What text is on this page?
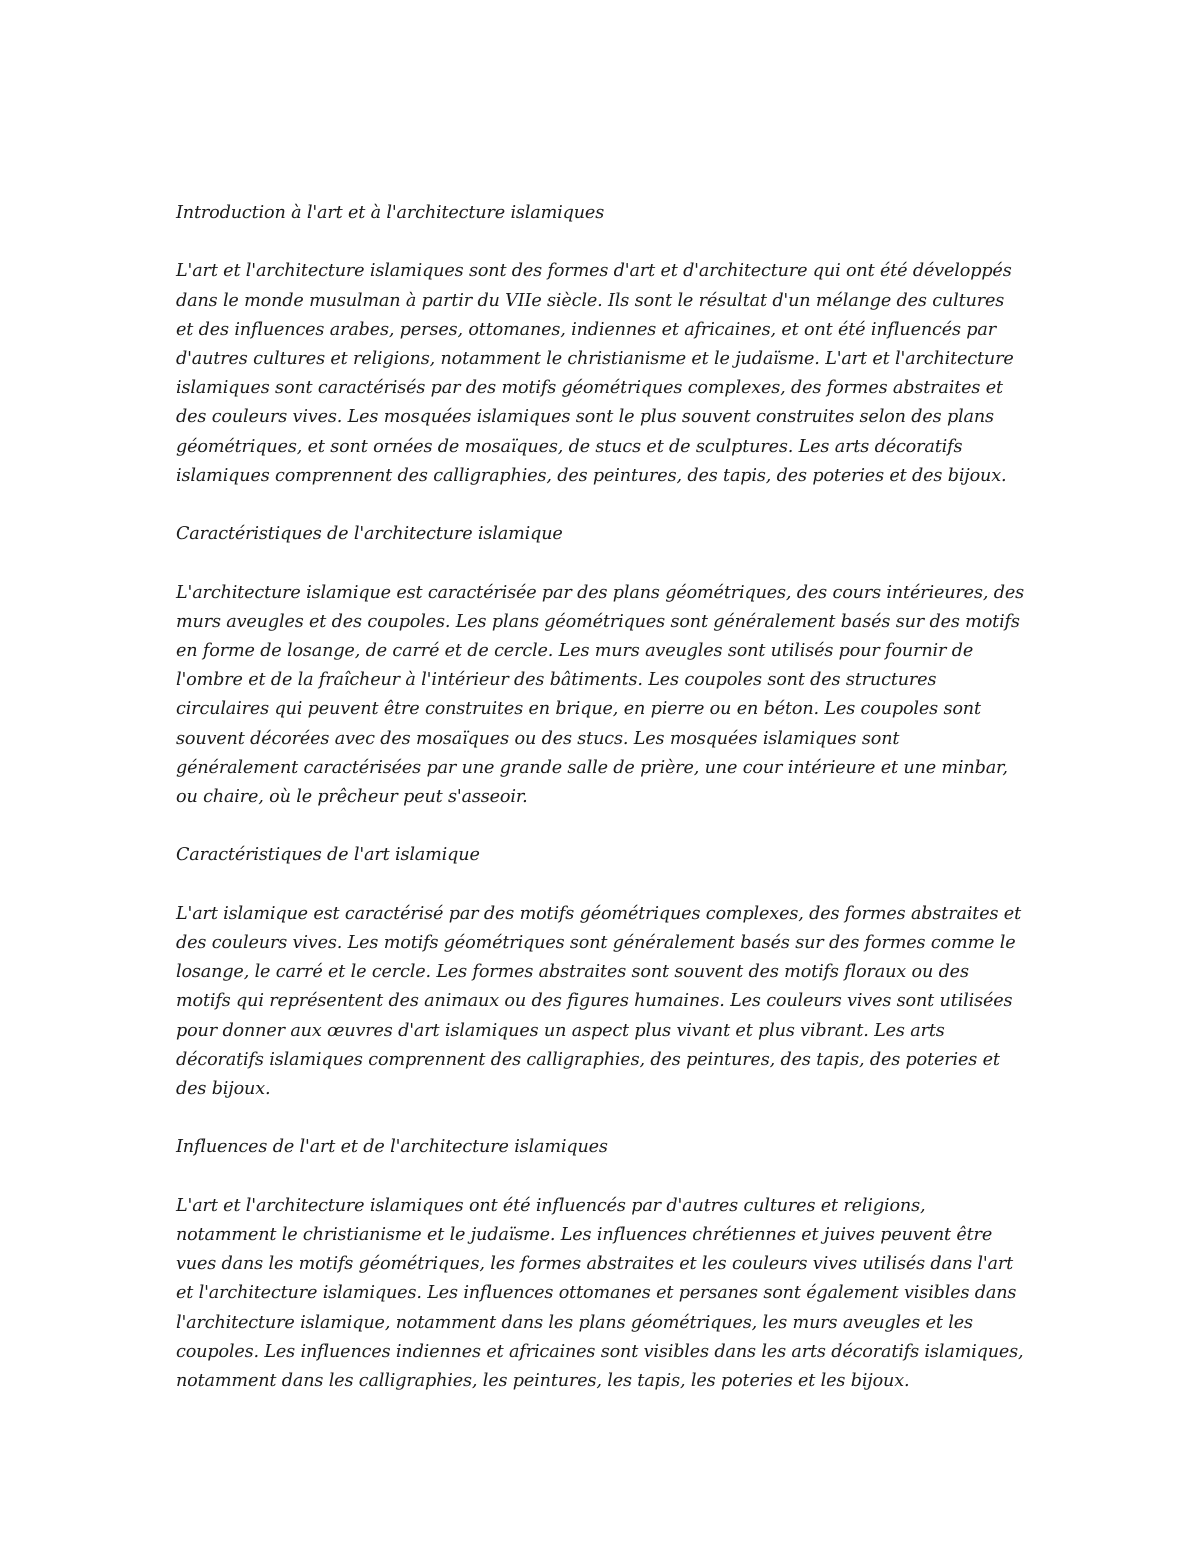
Introduction à l'art et à l'architecture islamiques

L'art et l'architecture islamiques sont des formes d'art et d'architecture qui ont été développés dans le monde musulman à partir du VIIe siècle. Ils sont le résultat d'un mélange des cultures et des influences arabes, perses, ottomanes, indiennes et africaines, et ont été influencés par d'autres cultures et religions, notamment le christianisme et le judaïsme. L'art et l'architecture islamiques sont caractérisés par des motifs géométriques complexes, des formes abstraites et des couleurs vives. Les mosquées islamiques sont le plus souvent construites selon des plans géométriques, et sont ornées de mosaïques, de stucs et de sculptures. Les arts décoratifs islamiques comprennent des calligraphies, des peintures, des tapis, des poteries et des bijoux.

Caractéristiques de l'architecture islamique

L'architecture islamique est caractérisée par des plans géométriques, des cours intérieures, des murs aveugles et des coupoles. Les plans géométriques sont généralement basés sur des motifs en forme de losange, de carré et de cercle. Les murs aveugles sont utilisés pour fournir de l'ombre et de la fraîcheur à l'intérieur des bâtiments. Les coupoles sont des structures circulaires qui peuvent être construites en brique, en pierre ou en béton. Les coupoles sont souvent décorées avec des mosaïques ou des stucs. Les mosquées islamiques sont généralement caractérisées par une grande salle de prière, une cour intérieure et une minbar, ou chaire, où le prêcheur peut s'asseoir.

Caractéristiques de l'art islamique

L'art islamique est caractérisé par des motifs géométriques complexes, des formes abstraites et des couleurs vives. Les motifs géométriques sont généralement basés sur des formes comme le losange, le carré et le cercle. Les formes abstraites sont souvent des motifs floraux ou des motifs qui représentent des animaux ou des figures humaines. Les couleurs vives sont utilisées pour donner aux œuvres d'art islamiques un aspect plus vivant et plus vibrant. Les arts décoratifs islamiques comprennent des calligraphies, des peintures, des tapis, des poteries et des bijoux.

Influences de l'art et de l'architecture islamiques

L'art et l'architecture islamiques ont été influencés par d'autres cultures et religions, notamment le christianisme et le judaïsme. Les influences chrétiennes et juives peuvent être vues dans les motifs géométriques, les formes abstraites et les couleurs vives utilisés dans l'art et l'architecture islamiques. Les influences ottomanes et persanes sont également visibles dans l'architecture islamique, notamment dans les plans géométriques, les murs aveugles et les coupoles. Les influences indiennes et africaines sont visibles dans les arts décoratifs islamiques, notamment dans les calligraphies, les peintures, les tapis, les poteries et les bijoux.
